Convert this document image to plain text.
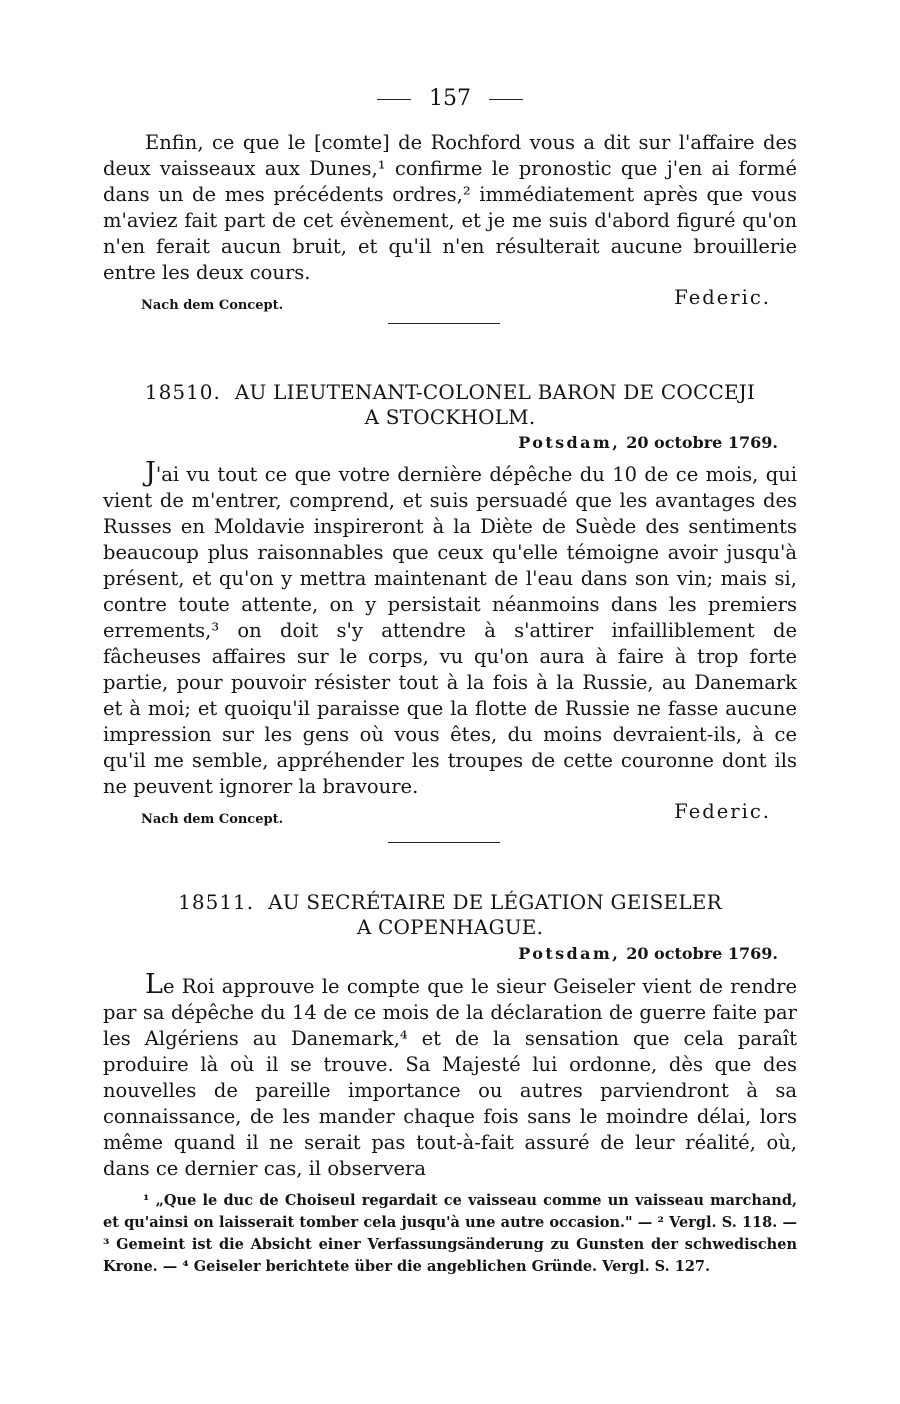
157

Enfin, ce que le [comte] de Rochford vous a dit sur l'affaire des deux vaisseaux aux Dunes,¹ confirme le pronostic que j'en ai formé dans un de mes précédents ordres,² immédiatement après que vous m'aviez fait part de cet évènement, et je me suis d'abord figuré qu'on n'en ferait aucun bruit, et qu'il n'en résulterait aucune brouillerie entre les deux cours.

Nach dem Concept.	Federic.
18510. AU LIEUTENANT-COLONEL BARON DE COCCEJI
A STOCKHOLM.
Potsdam, 20 octobre 1769.

J'ai vu tout ce que votre dernière dépêche du 10 de ce mois, qui vient de m'entrer, comprend, et suis persuadé que les avantages des Russes en Moldavie inspireront à la Diète de Suède des sentiments beaucoup plus raisonnables que ceux qu'elle témoigne avoir jusqu'à présent, et qu'on y mettra maintenant de l'eau dans son vin; mais si, contre toute attente, on y persistait néanmoins dans les premiers errements,³ on doit s'y attendre à s'attirer infailliblement de fâcheuses affaires sur le corps, vu qu'on aura à faire à trop forte partie, pour pouvoir résister tout à la fois à la Russie, au Danemark et à moi; et quoiqu'il paraisse que la flotte de Russie ne fasse aucune impression sur les gens où vous êtes, du moins devraient-ils, à ce qu'il me semble, appréhender les troupes de cette couronne dont ils ne peuvent ignorer la bravoure.

Nach dem Concept.	Federic.
18511. AU SECRÉTAIRE DE LÉGATION GEISELER
A COPENHAGUE.
Potsdam, 20 octobre 1769.

Le Roi approuve le compte que le sieur Geiseler vient de rendre par sa dépêche du 14 de ce mois de la déclaration de guerre faite par les Algériens au Danemark,⁴ et de la sensation que cela paraît produire là où il se trouve. Sa Majesté lui ordonne, dès que des nouvelles de pareille importance ou autres parviendront à sa connaissance, de les mander chaque fois sans le moindre délai, lors même quand il ne serait pas tout-à-fait assuré de leur réalité, où, dans ce dernier cas, il observera

¹ „Que le duc de Choiseul regardait ce vaisseau comme un vaisseau marchand, et qu'ainsi on laisserait tomber cela jusqu'à une autre occasion." — ² Vergl. S. 118. — ³ Gemeint ist die Absicht einer Verfassungsänderung zu Gunsten der schwedischen Krone. — ⁴ Geiseler berichtete über die angeblichen Gründe. Vergl. S. 127.
